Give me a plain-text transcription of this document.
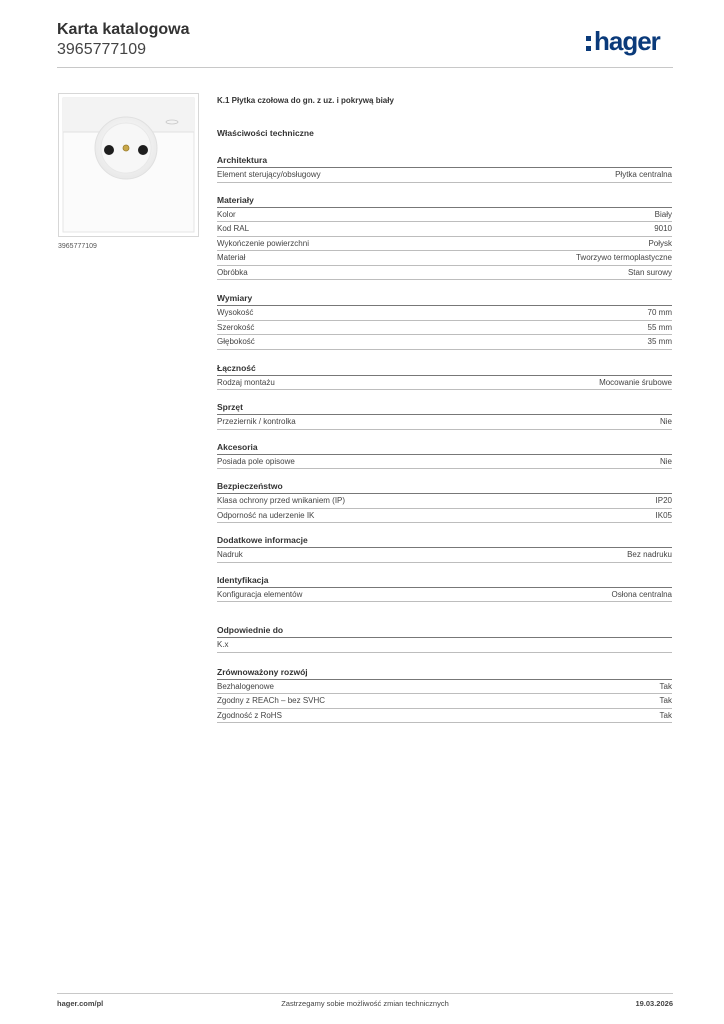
Karta katalogowa
3965777109	hager
3965777109
K.1 Płytka czołowa do gn. z uz. i pokrywą biały
Właściwości techniczne
Architektura
Element sterujący/obsługowy	Płytka centralna
Materiały
Kolor	Biały
Kod RAL	9010
Wykończenie powierzchni	Połysk
Materiał	Tworzywo termoplastyczne
Obróbka	Stan surowy
Wymiary
Wysokość	70 mm
Szerokość	55 mm
Głębokość	35 mm
Łączność
Rodzaj montażu	Mocowanie śrubowe
Sprzęt
Przeziernik / kontrolka	Nie
Akcesoria
Posiada pole opisowe	Nie
Bezpieczeństwo
Klasa ochrony przed wnikaniem (IP)	IP20
Odporność na uderzenie IK	IK05
Dodatkowe informacje
Nadruk	Bez nadruku
Identyfikacja
Konfiguracja elementów	Osłona centralna
Odpowiednie do
K.x
Zrównoważony rozwój
Bezhalogenowe	Tak
Zgodny z REACh – bez SVHC	Tak
Zgodność z RoHS	Tak
hager.com/pl	Zastrzegamy sobie możliwość zmian technicznych	19.03.2026
